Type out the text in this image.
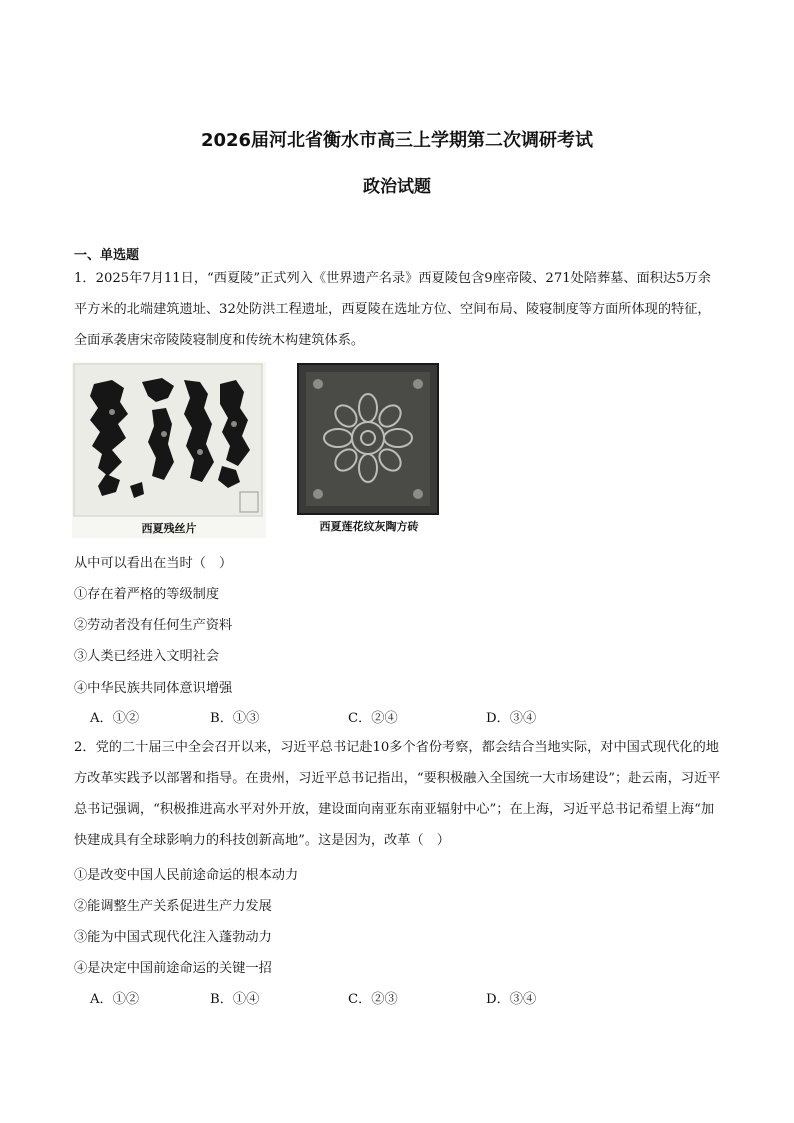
2026届河北省衡水市高三上学期第二次调研考试
政治试题
一、单选题
1．2025年7月11日，“西夏陵”正式列入《世界遗产名录》西夏陵包含9座帝陵、271处陪葬墓、面积达5万余平方米的北端建筑遗址、32处防洪工程遗址，西夏陵在选址方位、空间布局、陵寝制度等方面所体现的特征，全面承袭唐宋帝陵陵寝制度和传统木构建筑体系。
西夏残丝片	西夏莲花纹灰陶方砖
从中可以看出在当时（　）
①存在着严格的等级制度
②劳动者没有任何生产资料
③人类已经进入文明社会
④中华民族共同体意识增强
A．①②	B．①③	C．②④	D．③④
2．党的二十届三中全会召开以来，习近平总书记赴10多个省份考察，都会结合当地实际，对中国式现代化的地方改革实践予以部署和指导。在贵州，习近平总书记指出，“要积极融入全国统一大市场建设”；赴云南，习近平总书记强调，“积极推进高水平对外开放，建设面向南亚东南亚辐射中心”；在上海，习近平总书记希望上海“加快建成具有全球影响力的科技创新高地”。这是因为，改革（　）
①是改变中国人民前途命运的根本动力
②能调整生产关系促进生产力发展
③能为中国式现代化注入蓬勃动力
④是决定中国前途命运的关键一招
A．①②	B．①④	C．②③	D．③④
